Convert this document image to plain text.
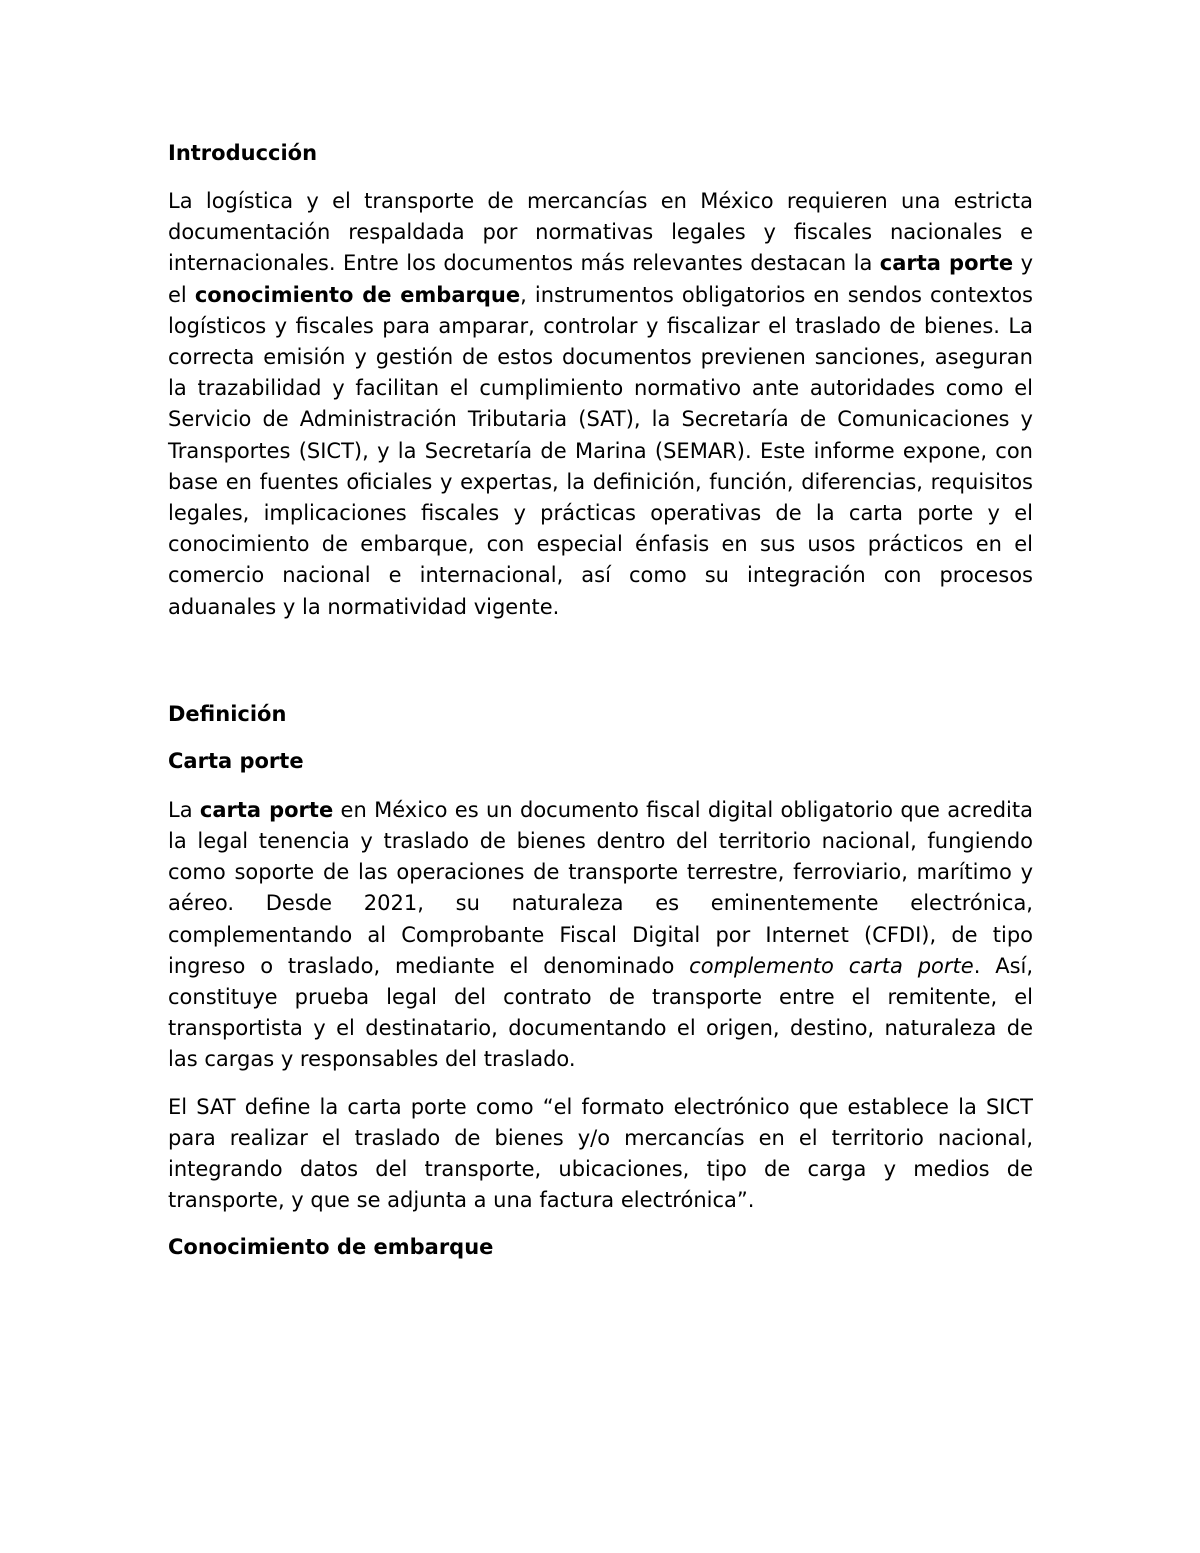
Introducción

La logística y el transporte de mercancías en México requieren una estricta documentación respaldada por normativas legales y fiscales nacionales e internacionales. Entre los documentos más relevantes destacan la carta porte y el conocimiento de embarque, instrumentos obligatorios en sendos contextos logísticos y fiscales para amparar, controlar y fiscalizar el traslado de bienes. La correcta emisión y gestión de estos documentos previenen sanciones, aseguran la trazabilidad y facilitan el cumplimiento normativo ante autoridades como el Servicio de Administración Tributaria (SAT), la Secretaría de Comunicaciones y Transportes (SICT), y la Secretaría de Marina (SEMAR). Este informe expone, con base en fuentes oficiales y expertas, la definición, función, diferencias, requisitos legales, implicaciones fiscales y prácticas operativas de la carta porte y el conocimiento de embarque, con especial énfasis en sus usos prácticos en el comercio nacional e internacional, así como su integración con procesos aduanales y la normatividad vigente.

Definición
Carta porte

La carta porte en México es un documento fiscal digital obligatorio que acredita la legal tenencia y traslado de bienes dentro del territorio nacional, fungiendo como soporte de las operaciones de transporte terrestre, ferroviario, marítimo y aéreo. Desde 2021, su naturaleza es eminentemente electrónica, complementando al Comprobante Fiscal Digital por Internet (CFDI), de tipo ingreso o traslado, mediante el denominado complemento carta porte. Así, constituye prueba legal del contrato de transporte entre el remitente, el transportista y el destinatario, documentando el origen, destino, naturaleza de las cargas y responsables del traslado.

El SAT define la carta porte como “el formato electrónico que establece la SICT para realizar el traslado de bienes y/o mercancías en el territorio nacional, integrando datos del transporte, ubicaciones, tipo de carga y medios de transporte, y que se adjunta a una factura electrónica”.

Conocimiento de embarque
